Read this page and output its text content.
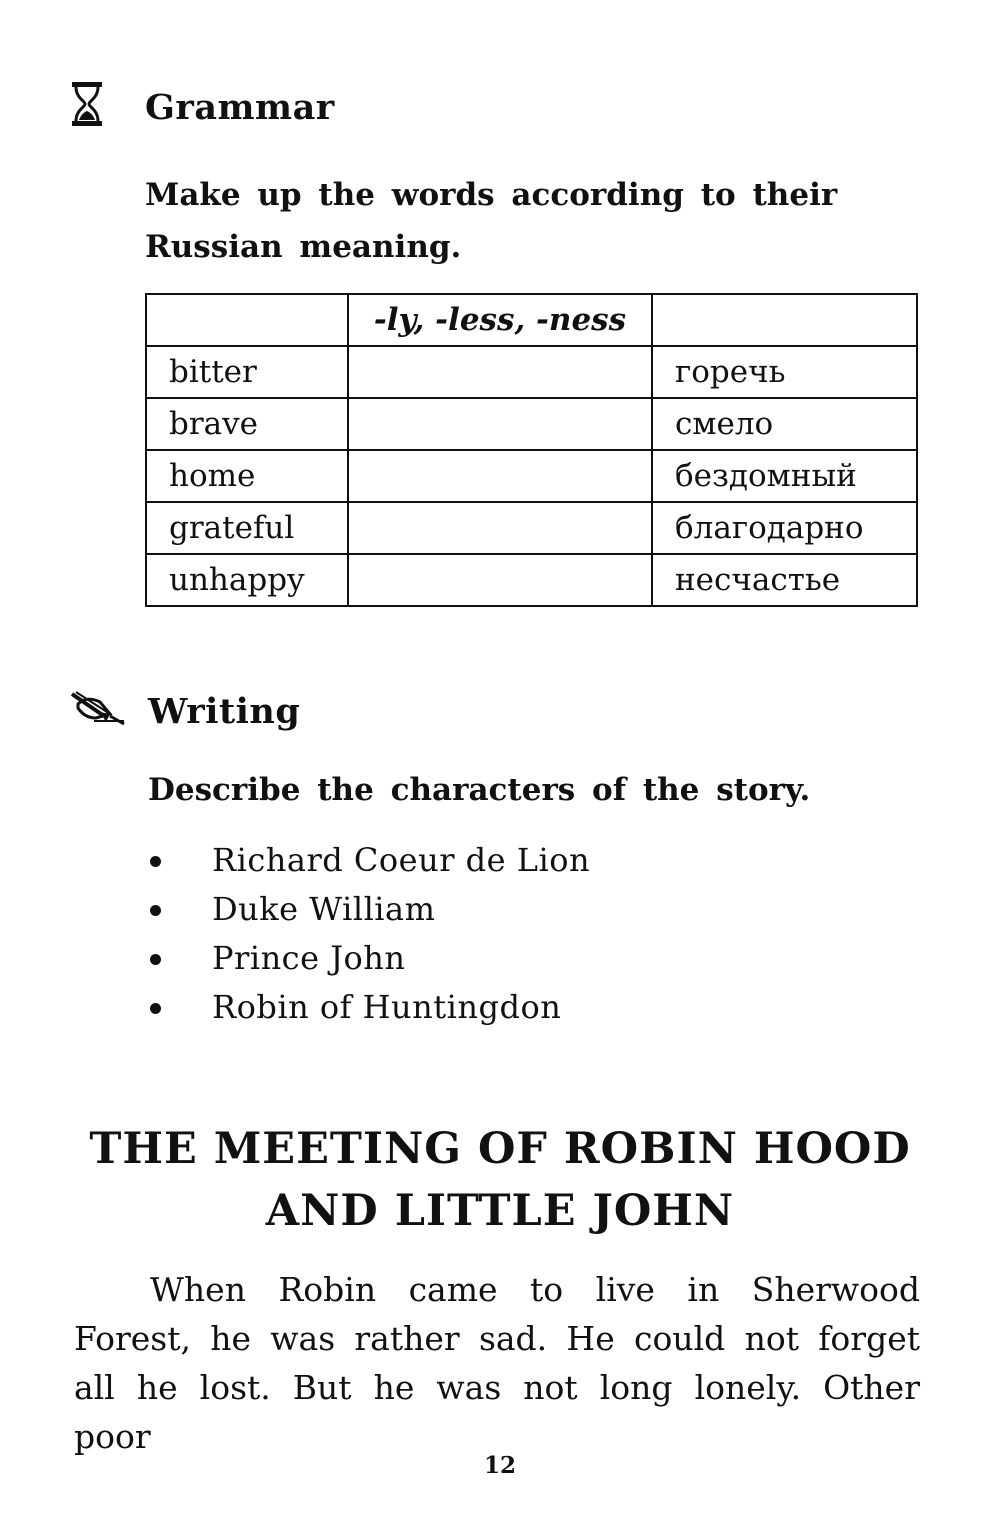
Grammar
Make up the words according to their Russian meaning.
	-ly, -less, -ness	
bitter		горечь
brave		смело
home		бездомный
grateful		благодарно
unhappy		несчастье
Writing
Describe the characters of the story.
Richard Coeur de Lion
Duke William
Prince John
Robin of Huntingdon
THE MEETING OF ROBIN HOOD
AND LITTLE JOHN
When Robin came to live in Sherwood Forest, he was rather sad. He could not forget all he lost. But he was not long lonely. Other poor
12
